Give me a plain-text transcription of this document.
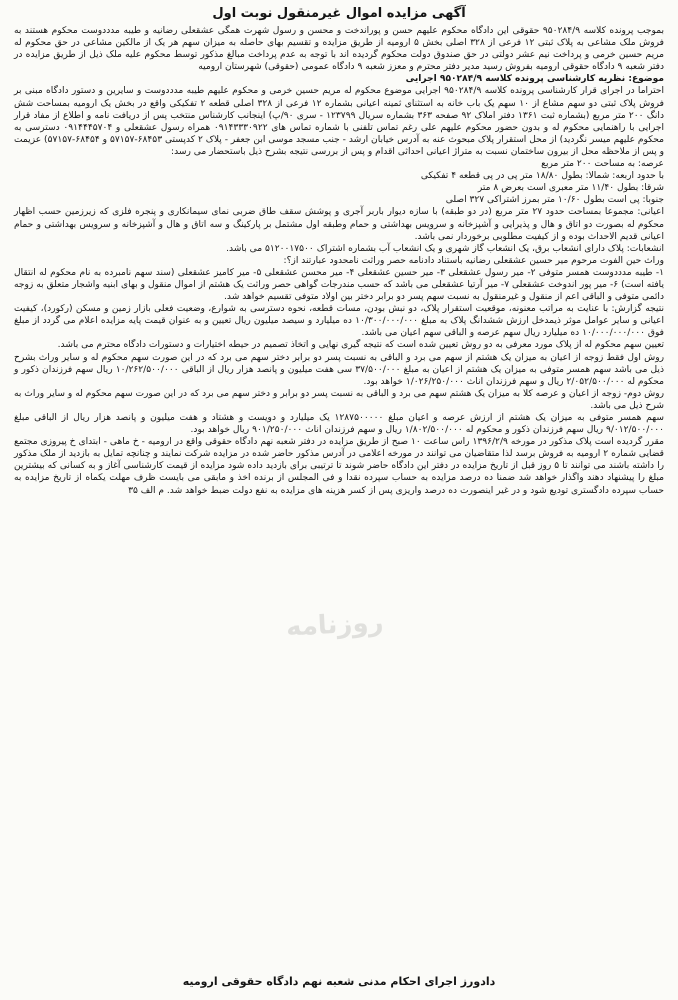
آگهی مزایده اموال غیرمنقول نوبت اول
روزنامه

بموجب پرونده کلاسه ۹۵۰۲۸۴/۹ حقوقی این دادگاه محکوم علیهم حسن و پوراندخت و محسن و رسول شهرت همگی عشقعلی رضانیه و طیبه مدددوست محکوم هستند به فروش ملک مشاعی به پلاک ثبتی ۱۲ فرعی از ۳۲۸ اصلی بخش ۵ ارومیه از طریق مزایده و تقسیم بهای حاصله به میزان سهم هر یک از مالکین مشاعی در حق محکوم له مریم حسین خرمی و پرداخت نیم عشر دولتی در حق صندوق دولت محکوم گردیده اند با توجه به عدم پرداخت مبالغ مذکور توسط محکوم علیه ملک ذیل از طریق مزایده در دفتر شعبه ۹ دادگاه حقوقی ارومیه بفروش رسید مدیر دفتر محترم و معزز شعبه ۹ دادگاه عمومی (حقوقی) شهرستان ارومیه

موضوع: نظریه کارشناسی پرونده کلاسه ۹۵۰۲۸۴/۹ اجرایی

احتراما در اجرای قرار کارشناسی پرونده کلاسه ۹۵۰۲۸۴/۹ اجرایی موضوع محکوم له مریم حسین خرمی و محکوم علیهم طیبه مدددوست و سایرین و دستور دادگاه مبنی بر فروش پلاک ثبتی دو سهم مشاع از ۱۰ سهم یک باب خانه به استثنای ثمینه اعیانی بشماره ۱۲ فرعی از ۳۲۸ اصلی قطعه ۲ تفکیکی واقع در بخش یک ارومیه بمساحت شش دانگ ۲۰۰ متر مربع (بشماره ثبت ۱۳۶۱ دفتر املاک ۹۲ صفحه ۳۶۳ بشماره سریال ۱۲۳۷۹۹ - سری ۹۰/پ) اینجانب کارشناس منتخب پس از دریافت نامه و اطلاع از مفاد قرار اجرایی با راهنمایی محکوم له و بدون حضور محکوم علیهم علی رغم تماس تلفنی با شماره تماس های ۰۹۱۴۳۳۳۰۹۲۲ همراه رسول عشقعلی و ۰۹۱۴۴۴۵۷۰۴ دسترسی به محکوم علیهم میسر نگردید) از محل استقرار پلاک مبحوث عنه به آدرس خیابان ارشد - جنب مسجد موسی ابن جعفر - پلاک ۲ کدپستی ۶۸۴۵۳-۵۷۱۵۷ و ۶۸۴۵۴-۵۷۱۵۷) عزیمت و پس از ملاحظه محل از بیرون ساختمان نسبت به متراژ اعیانی احداثی اقدام و پس از بررسی نتیجه بشرح ذیل باستحضار می رسد:

عرصه: به مساحت ۲۰۰ متر مربع

با حدود اربعه: شمالا: بطول ۱۸/۸۰ متر پی در پی قطعه ۴ تفکیکی

شرقا: بطول ۱۱/۴۰ متر معبری است بعرض ۸ متر

جنوبا: پی است بطول ۱۰/۶۰ متر بمرز اشتراکی ۳۲۷ اصلی

اعیانی: مجموعا بمساحت حدود ۲۷ متر مربع (در دو طبقه) با سازه دیوار باربر آجری و پوشش سقف طاق ضربی نمای سیمانکاری و پنجره فلزی که زیرزمین حسب اظهار محکوم له بصورت دو اتاق و هال و پذیرایی و آشپزخانه و سرویس بهداشتی و حمام وطبقه اول مشتمل بر پارکینگ و سه اتاق و هال و آشپزخانه و سرویس بهداشتی و حمام اعیانی قدیم الاحداث بوده و از کیفیت مطلوبی برخوردار نمی باشد.

انشعابات: پلاک دارای انشعاب برق، یک انشعاب گاز شهری و یک انشعاب آب بشماره اشتراک ۵۱۲۰۰۱۷۵۰۰ می باشد.

وراث حین الفوت مرحوم میر حسین عشقعلی رضانیه باستناد دادنامه حصر وراثت نامحدود عبارتند از؟:

۱- طیبه مدددوست همسر متوفی ۲- میر رسول عشقعلی ۳- میر حسین عشقعلی ۴- میر محسن عشقعلی ۵- میر کامیز عشقعلی (سند سهم نامبرده به نام محکوم له انتقال یافته است) ۶- میر پور اندوخت عشقعلی ۷- میر آرتیا عشقعلی می باشد که حسب مندرجات گواهی حصر وراثت یک هشتم از اموال منقول و بهای ابنیه واشجار متعلق به زوجه دائمی متوفی و الباقی اعم از منقول و غیرمنقول به نسبت سهم پسر دو برابر دختر بین اولاد متوفی تقسیم خواهد شد.

نتیجه گزارش: با عنایت به مراتب معنونه، موقعیت استقرار پلاک، دو نبش بودن، مسات قطعه، نحوه دسترسی به شوارع، وضعیت فعلی بازار زمین و مسکن (رکورد)، کیفیت اعیانی و سایر عوامل موثر ذیمدخل ارزش ششدانگ پلاک به مبلغ ۱۰/۳۰۰/۰۰۰/۰۰۰ ده میلیارد و سیصد میلیون ریال تعیین و به عنوان قیمت پایه مزایده اعلام می گردد از مبلغ فوق ۱۰/۰۰۰/۰۰۰/۰۰۰ ده میلیارد ریال سهم عرصه و الباقی سهم اعیان می باشد.

تعیین سهم محکوم له از پلاک مورد معرفی به دو روش تعیین شده است که نتیجه گیری نهایی و اتخاذ تصمیم در حیطه اختیارات و دستورات دادگاه محترم می باشد.

روش اول فقط زوجه از اعیان به میزان یک هشتم از سهم می برد و الباقی به نسبت پسر دو برابر دختر سهم می برد که در این صورت سهم محکوم له و سایر وراث بشرح ذیل می باشد سهم همسر متوفی به میزان یک هشتم از اعیان به مبلغ ۳۷/۵۰۰/۰۰۰ سی هفت میلیون و پانصد هزار ریال از الباقی ۱۰/۲۶۲/۵۰۰/۰۰۰ ریال سهم فرزندان ذکور و محکوم له ۲/۰۵۲/۵۰۰/۰۰۰ ریال و سهم فرزندان اناث ۱/۰۲۶/۲۵۰/۰۰۰ خواهد بود.

روش دوم- زوجه از اعیان و عرصه کلا به میزان یک هشتم سهم می برد و الباقی به نسبت پسر دو برابر و دختر سهم می برد که در این صورت سهم محکوم له و سایر وراث به شرح ذیل می باشد.

سهم همسر متوفی به میزان یک هشتم از ارزش عرصه و اعیان مبلغ ۱۲۸۷۵۰۰۰۰۰ یک میلیارد و دویست و هشتاد و هفت میلیون و پانصد هزار ریال از الباقی مبلغ ۹/۰۱۲/۵۰۰/۰۰۰ ریال سهم فرزندان ذکور و محکوم له ۱/۸۰۲/۵۰۰/۰۰۰ ریال و سهم فرزندان اناث ۹۰۱/۲۵۰/۰۰۰ ریال خواهد بود.

مقرر گردیده است پلاک مذکور در مورخه ۱۳۹۶/۲/۹ راس ساعت ۱۰ صبح از طریق مزایده در دفتر شعبه نهم دادگاه حقوقی واقع در ارومیه - خ ماهی - ابتدای خ پیروزی مجتمع قضایی شماره ۲ ارومیه به فروش برسد لذا متقاضیان می توانند در مورخه اعلامی در آدرس مذکور حاضر شده در مزایده شرکت نمایند و چنانچه تمایل به بازدید از ملک مذکور را داشته باشند می توانند تا ۵ روز قبل از تاریخ مزایده در دفتر این دادگاه حاضر شوند تا ترتیبی برای بازدید داده شود مزایده از قیمت کارشناسی آغاز و به کسانی که بیشترین مبلغ را پیشنهاد دهند واگذار خواهد شد ضمنا ده درصد مزایده به حساب سپرده نقدا و فی المجلس از برنده اخذ و مابقی می بایست ظرف مهلت یکماه از تاریخ مزایده به حساب سپرده دادگستری تودیع شود و در غیر اینصورت ده درصد واریزی پس از کسر هزینه های مزایده به نفع دولت ضبط خواهد شد. م الف ۳۵

دادورز اجرای احکام مدنی شعبه نهم دادگاه حقوقی ارومیه
